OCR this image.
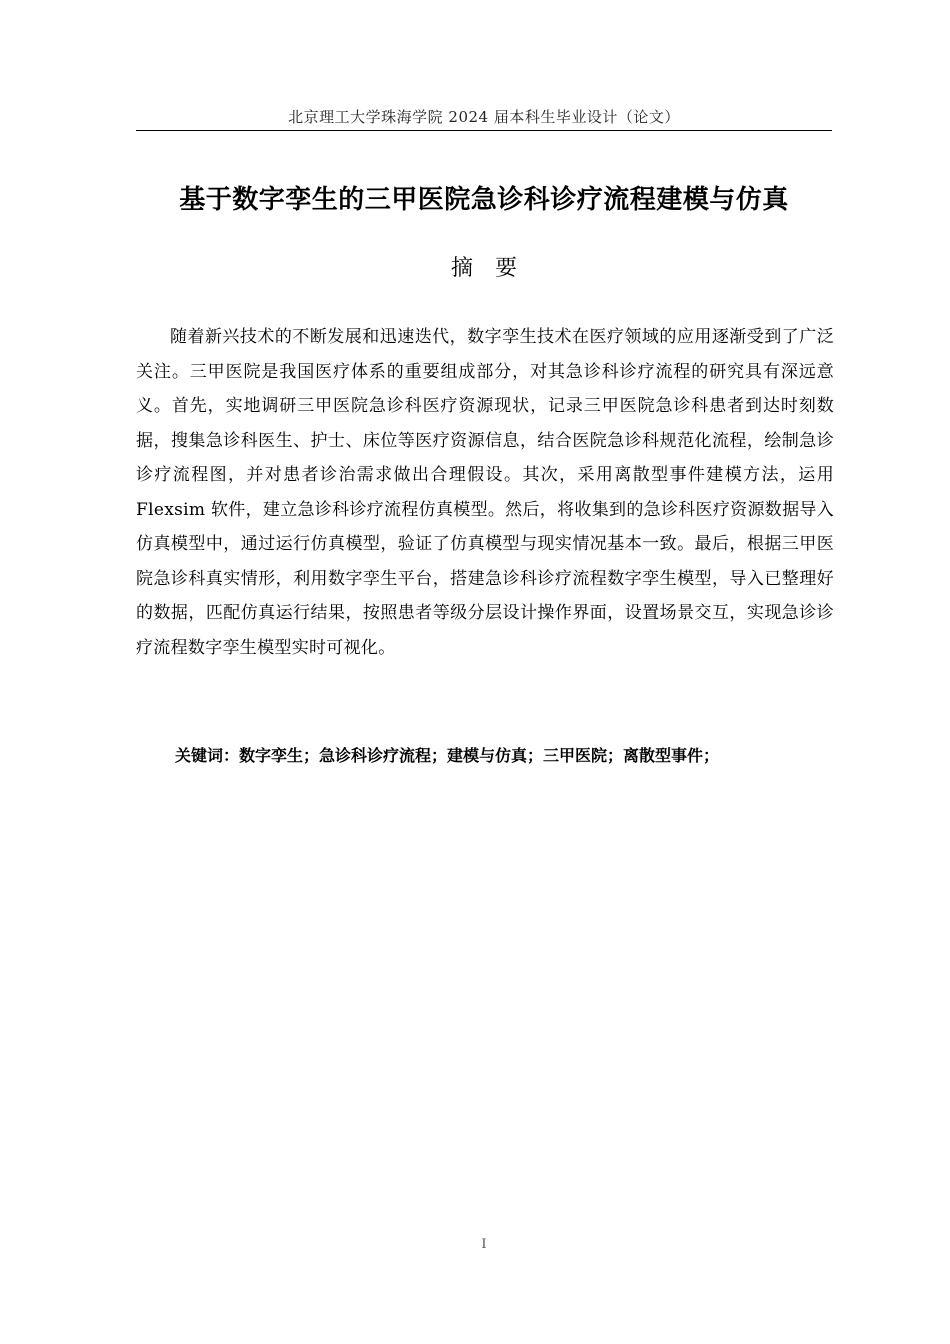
北京理工大学珠海学院 2024 届本科生毕业设计（论文）
基于数字孪生的三甲医院急诊科诊疗流程建模与仿真
摘　要

随着新兴技术的不断发展和迅速迭代，数字孪生技术在医疗领域的应用逐渐受到了广泛关注。三甲医院是我国医疗体系的重要组成部分，对其急诊科诊疗流程的研究具有深远意义。首先，实地调研三甲医院急诊科医疗资源现状，记录三甲医院急诊科患者到达时刻数据，搜集急诊科医生、护士、床位等医疗资源信息，结合医院急诊科规范化流程，绘制急诊诊疗流程图，并对患者诊治需求做出合理假设。其次，采用离散型事件建模方法，运用 Flexsim 软件，建立急诊科诊疗流程仿真模型。然后，将收集到的急诊科医疗资源数据导入仿真模型中，通过运行仿真模型，验证了仿真模型与现实情况基本一致。最后，根据三甲医院急诊科真实情形，利用数字孪生平台，搭建急诊科诊疗流程数字孪生模型，导入已整理好的数据，匹配仿真运行结果，按照患者等级分层设计操作界面，设置场景交互，实现急诊诊疗流程数字孪生模型实时可视化。

关键词：数字孪生；急诊科诊疗流程；建模与仿真；三甲医院；离散型事件；
I
